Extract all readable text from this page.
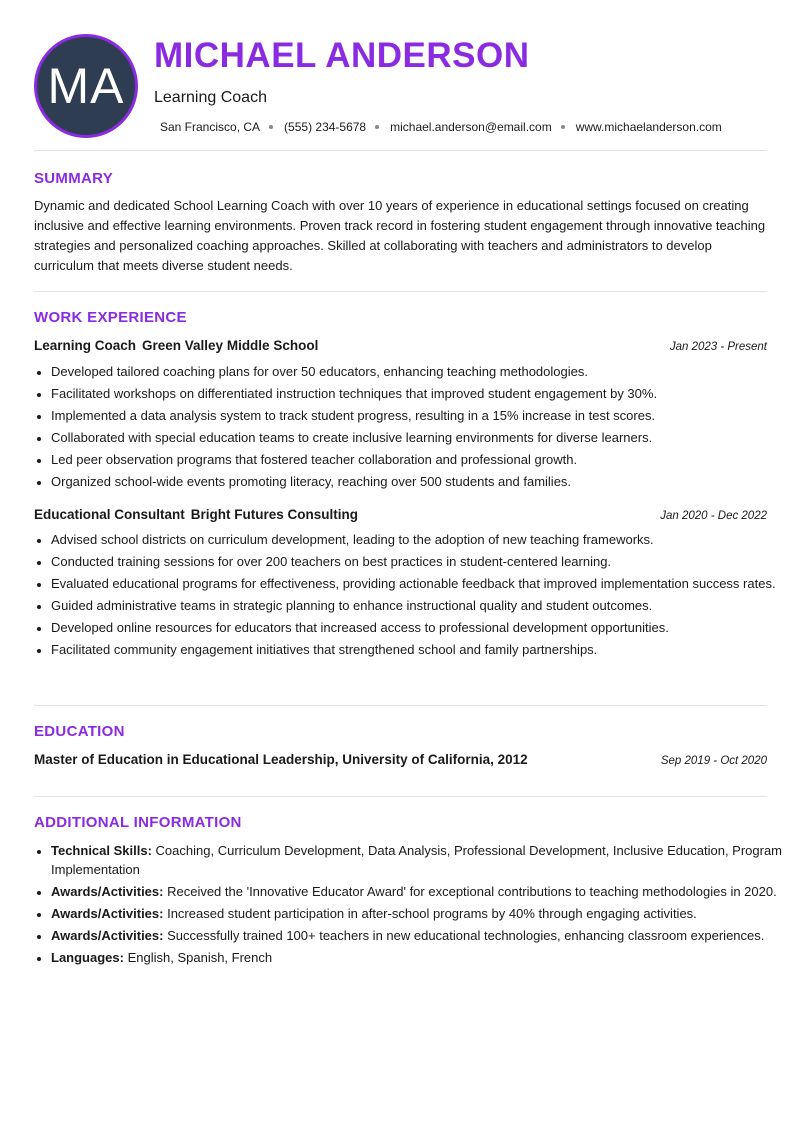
MA
MICHAEL ANDERSON
Learning Coach
San Francisco, CA (555) 234-5678 michael.anderson@email.com www.michaelanderson.com
SUMMARY

Dynamic and dedicated School Learning Coach with over 10 years of experience in educational settings focused on creating inclusive and effective learning environments. Proven track record in fostering student engagement through innovative teaching strategies and personalized coaching approaches. Skilled at collaborating with teachers and administrators to develop curriculum that meets diverse student needs.

WORK EXPERIENCE
Learning Coach Green Valley Middle School	Jan 2023 - Present
• Developed tailored coaching plans for over 50 educators, enhancing teaching methodologies.
• Facilitated workshops on differentiated instruction techniques that improved student engagement by 30%.
• Implemented a data analysis system to track student progress, resulting in a 15% increase in test scores.
• Collaborated with special education teams to create inclusive learning environments for diverse learners.
• Led peer observation programs that fostered teacher collaboration and professional growth.
• Organized school-wide events promoting literacy, reaching over 500 students and families.
Educational Consultant Bright Futures Consulting	Jan 2020 - Dec 2022
• Advised school districts on curriculum development, leading to the adoption of new teaching frameworks.
• Conducted training sessions for over 200 teachers on best practices in student-centered learning.
• Evaluated educational programs for effectiveness, providing actionable feedback that improved implementation success rates.
• Guided administrative teams in strategic planning to enhance instructional quality and student outcomes.
• Developed online resources for educators that increased access to professional development opportunities.
• Facilitated community engagement initiatives that strengthened school and family partnerships.
EDUCATION
Master of Education in Educational Leadership, University of California, 2012	Sep 2019 - Oct 2020
ADDITIONAL INFORMATION
• Technical Skills: Coaching, Curriculum Development, Data Analysis, Professional Development, Inclusive Education, Program Implementation
• Awards/Activities: Received the 'Innovative Educator Award' for exceptional contributions to teaching methodologies in 2020.
• Awards/Activities: Increased student participation in after-school programs by 40% through engaging activities.
• Awards/Activities: Successfully trained 100+ teachers in new educational technologies, enhancing classroom experiences.
• Languages: English, Spanish, French
